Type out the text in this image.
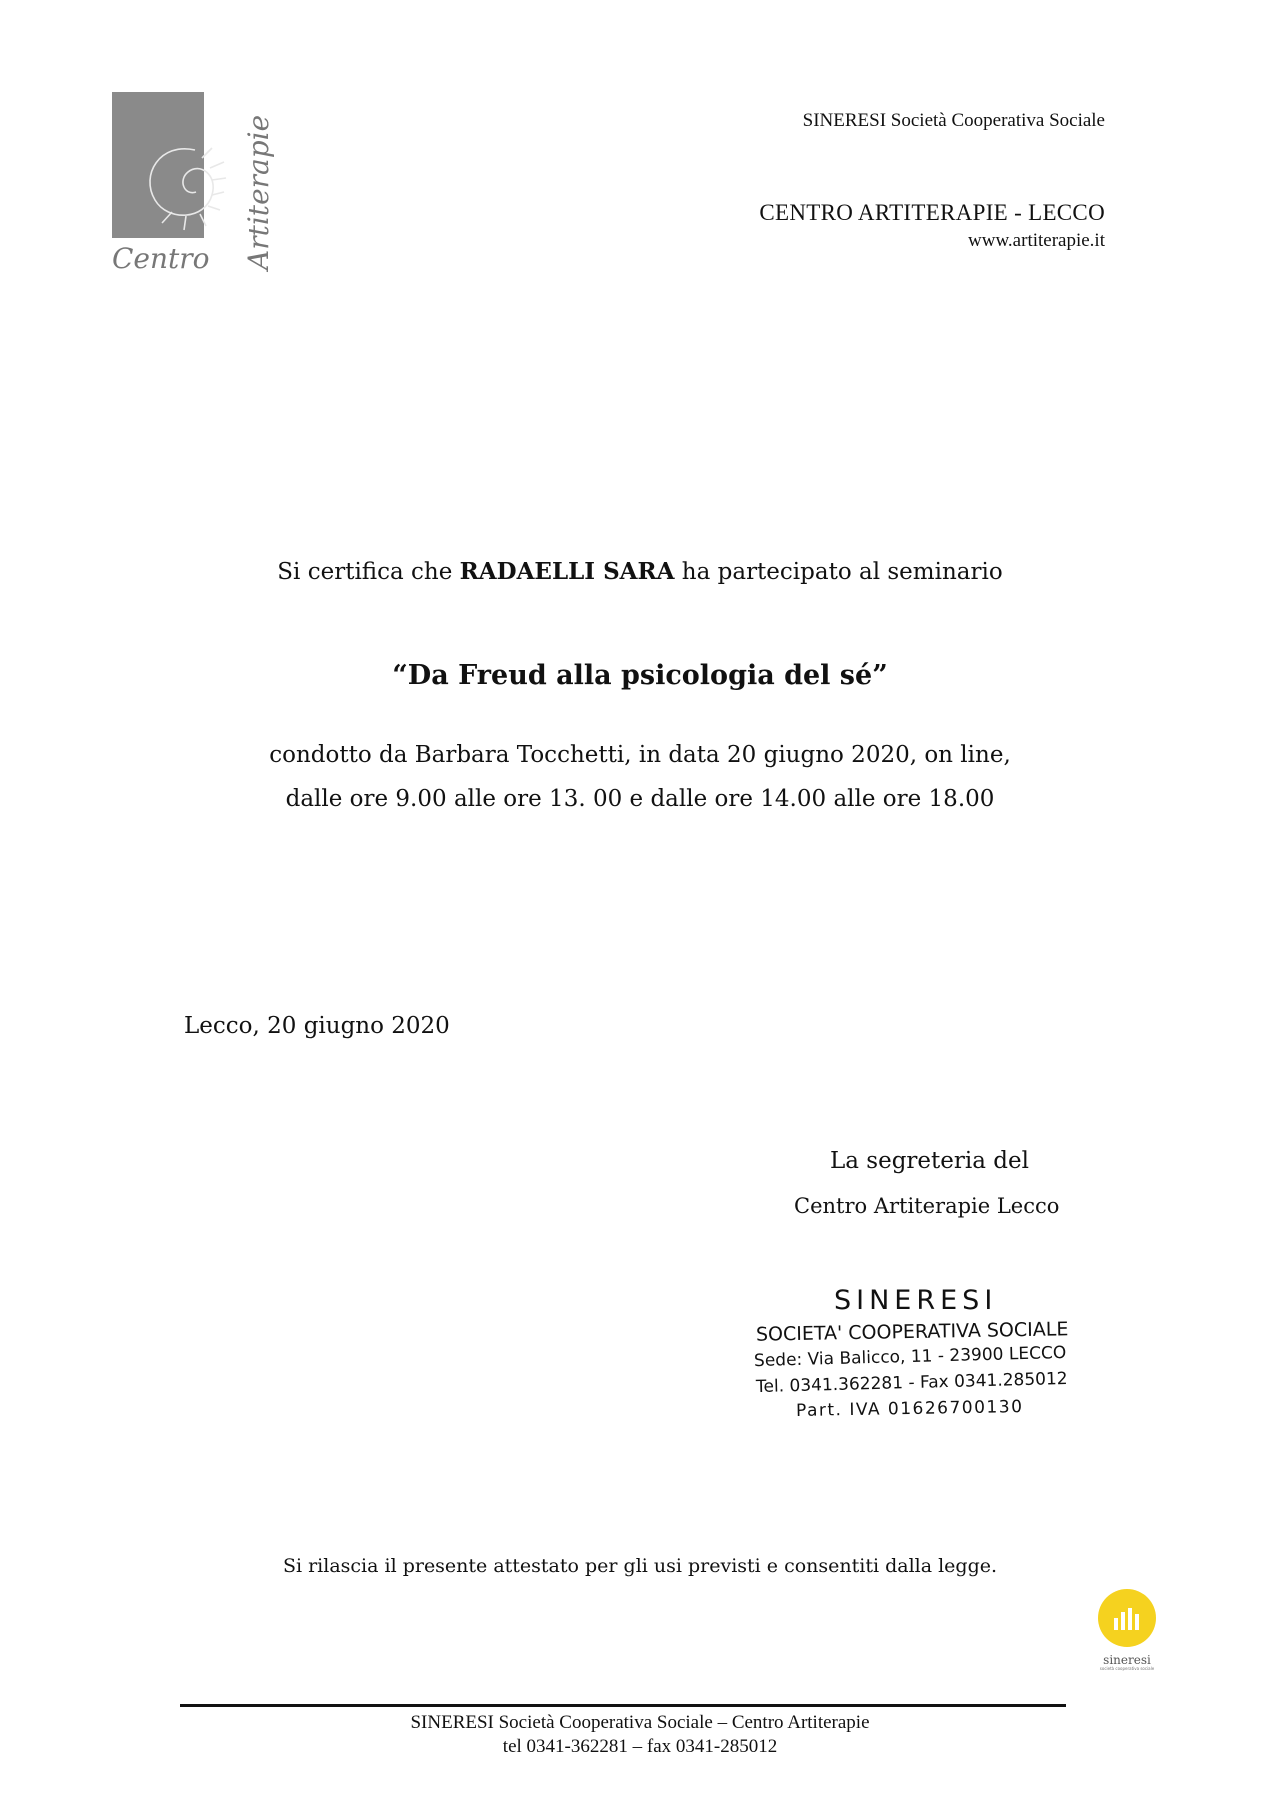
Centro Artiterapie	SINERESI Società Cooperativa Sociale
CENTRO ARTITERAPIE - LECCO
www.artiterapie.it
Si certifica che RADAELLI SARA ha partecipato al seminario
“Da Freud alla psicologia del sé”
condotto da Barbara Tocchetti, in data 20 giugno 2020, on line,
dalle ore 9.00 alle ore 13. 00 e dalle ore 14.00 alle ore 18.00
Lecco, 20 giugno 2020
La segreteria del
Centro Artiterapie Lecco
SINERESI
SOCIETA' COOPERATIVA SOCIALE
Sede: Via Balicco, 11 - 23900 LECCO
Tel. 0341.362281 - Fax 0341.285012
Part. IVA 01626700130
Si rilascia il presente attestato per gli usi previsti e consentiti dalla legge.
sineresi
società cooperativa sociale
SINERESI Società Cooperativa Sociale – Centro Artiterapie
tel 0341-362281 – fax 0341-285012
